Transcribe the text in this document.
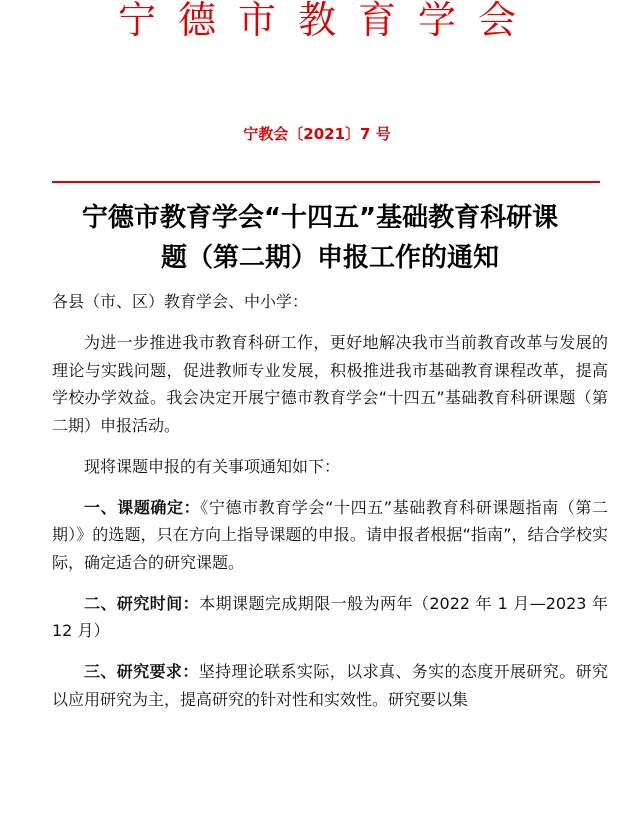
宁德市教育学会
宁教会〔2021〕7 号
宁德市教育学会“十四五”基础教育科研课
题（第二期）申报工作的通知

各县（市、区）教育学会、中小学：

为进一步推进我市教育科研工作，更好地解决我市当前教育改革与发展的理论与实践问题，促进教师专业发展，积极推进我市基础教育课程改革，提高学校办学效益。我会决定开展宁德市教育学会“十四五”基础教育科研课题（第二期）申报活动。

现将课题申报的有关事项通知如下：

一、课题确定：《宁德市教育学会“十四五”基础教育科研课题指南（第二期）》的选题，只在方向上指导课题的申报。请申报者根据“指南”，结合学校实际，确定适合的研究课题。

二、研究时间：本期课题完成期限一般为两年（2022 年 1 月—2023 年 12 月）

三、研究要求：坚持理论联系实际，以求真、务实的态度开展研究。研究以应用研究为主，提高研究的针对性和实效性。研究要以集
